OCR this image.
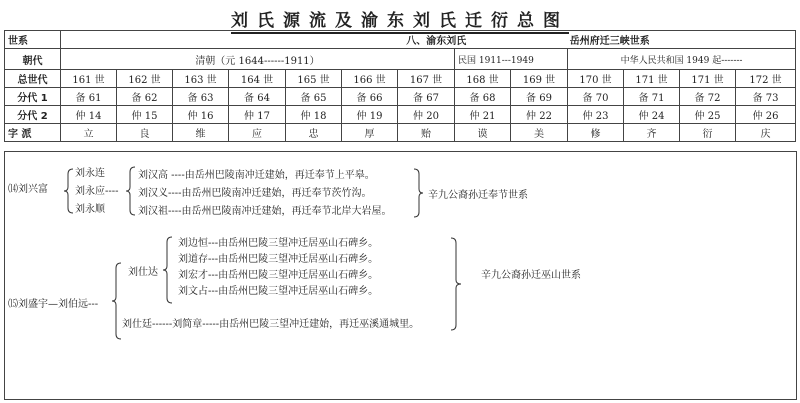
刘氏源流及渝东刘氏迁衍总图
世系	八、渝东刘氏 岳州府迁三峡世系												
朝代	清朝（元 1644------1911）							民国 1911---1949		中华人民共和国 1949 起-------			
总世代	161 世	162 世	163 世	164 世	165 世	166 世	167 世	168 世	169 世	170 世	171 世	171 世	172 世
分代 1	备 61	备 62	备 63	备 64	备 65	备 66	备 67	备 68	备 69	备 70	备 71	备 72	备 73
分代 2	仲 14	仲 15	仲 16	仲 17	仲 18	仲 19	仲 20	仲 21	仲 22	仲 23	仲 24	仲 25	仲 26
字 派	立	良	维	应	忠	厚	贻	谟	美	修	齐	衍	庆
⒁刘兴富
刘永连
刘永应----
刘永顺
刘汉高 ----由岳州巴陵南冲迁建始，再迁奉节上平皋。
刘汉义----由岳州巴陵南冲迁建始，再迁奉节茨竹沟。
刘汉祖----由岳州巴陵南冲迁建始，再迁奉节北岸大岩屋。
辛九公裔孙迁奉节世系
⒂刘盛宇—刘伯远---
刘仕达
刘边恒---由岳州巴陵三望冲迁居巫山石碑乡。
刘道存---由岳州巴陵三望冲迁居巫山石碑乡。
刘宏才---由岳州巴陵三望冲迁居巫山石碑乡。
刘文占---由岳州巴陵三望冲迁居巫山石碑乡。
刘仕廷------刘简章-----由岳州巴陵三望冲迁建始，再迁巫溪通城里。
辛九公裔孙迁巫山世系
